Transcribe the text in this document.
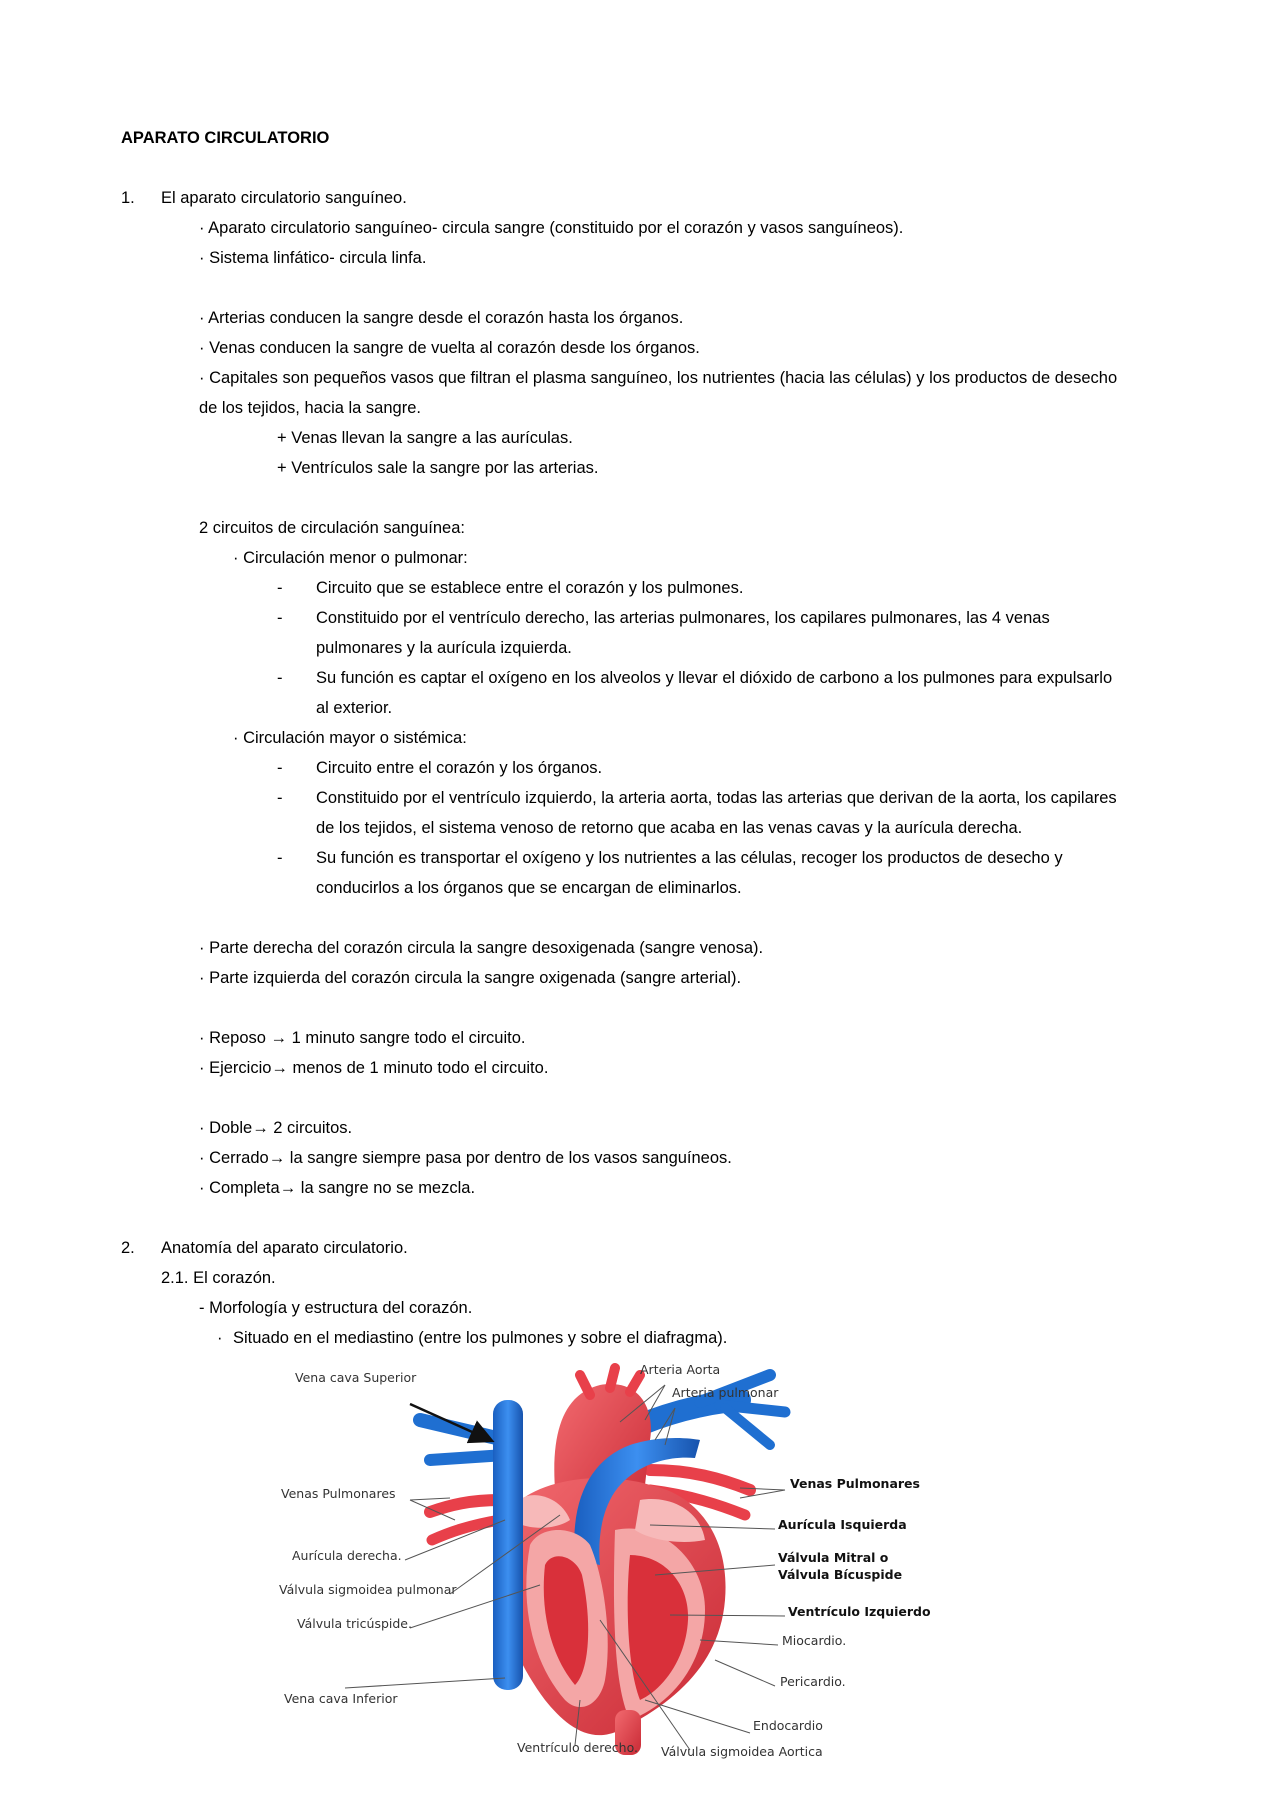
APARATO CIRCULATORIO
1. El aparato circulatorio sanguíneo.
· Aparato circulatorio sanguíneo- circula sangre (constituido por el corazón y vasos sanguíneos).
· Sistema linfático- circula linfa.
· Arterias conducen la sangre desde el corazón hasta los órganos.
· Venas conducen la sangre de vuelta al corazón desde los órganos.
· Capitales son pequeños vasos que filtran el plasma sanguíneo, los nutrientes (hacia las células) y los productos de desecho
de los tejidos, hacia la sangre.
+ Venas llevan la sangre a las aurículas.
+ Ventrículos sale la sangre por las arterias.
2 circuitos de circulación sanguínea:
· Circulación menor o pulmonar:
- Circuito que se establece entre el corazón y los pulmones.
- Constituido por el ventrículo derecho, las arterias pulmonares, los capilares pulmonares, las 4 venas
pulmonares y la aurícula izquierda.
- Su función es captar el oxígeno en los alveolos y llevar el dióxido de carbono a los pulmones para expulsarlo
al exterior.
· Circulación mayor o sistémica:
- Circuito entre el corazón y los órganos.
- Constituido por el ventrículo izquierdo, la arteria aorta, todas las arterias que derivan de la aorta, los capilares
de los tejidos, el sistema venoso de retorno que acaba en las venas cavas y la aurícula derecha.
- Su función es transportar el oxígeno y los nutrientes a las células, recoger los productos de desecho y
conducirlos a los órganos que se encargan de eliminarlos.
· Parte derecha del corazón circula la sangre desoxigenada (sangre venosa).
· Parte izquierda del corazón circula la sangre oxigenada (sangre arterial).
· Reposo → 1 minuto sangre todo el circuito.
· Ejercicio→ menos de 1 minuto todo el circuito.
· Doble→ 2 circuitos.
· Cerrado→ la sangre siempre pasa por dentro de los vasos sanguíneos.
· Completa→ la sangre no se mezcla.
2. Anatomía del aparato circulatorio.
2.1. El corazón.
- Morfología y estructura del corazón.
· Situado en el mediastino (entre los pulmones y sobre el diafragma).
Vena cava Superior
Arteria Aorta
Arteria pulmonar
Venas Pulmonares
Venas Pulmonares
Aurícula derecha.
Aurícula Isquierda
Válvula sigmoidea pulmonar
Válvula Mitral o
Válvula Bícuspide
Válvula tricúspide.
Ventrículo Izquierdo
Miocardio.
Pericardio.
Vena cava Inferior
Endocardio
Ventrículo derecho. Válvula sigmoidea Aortica
